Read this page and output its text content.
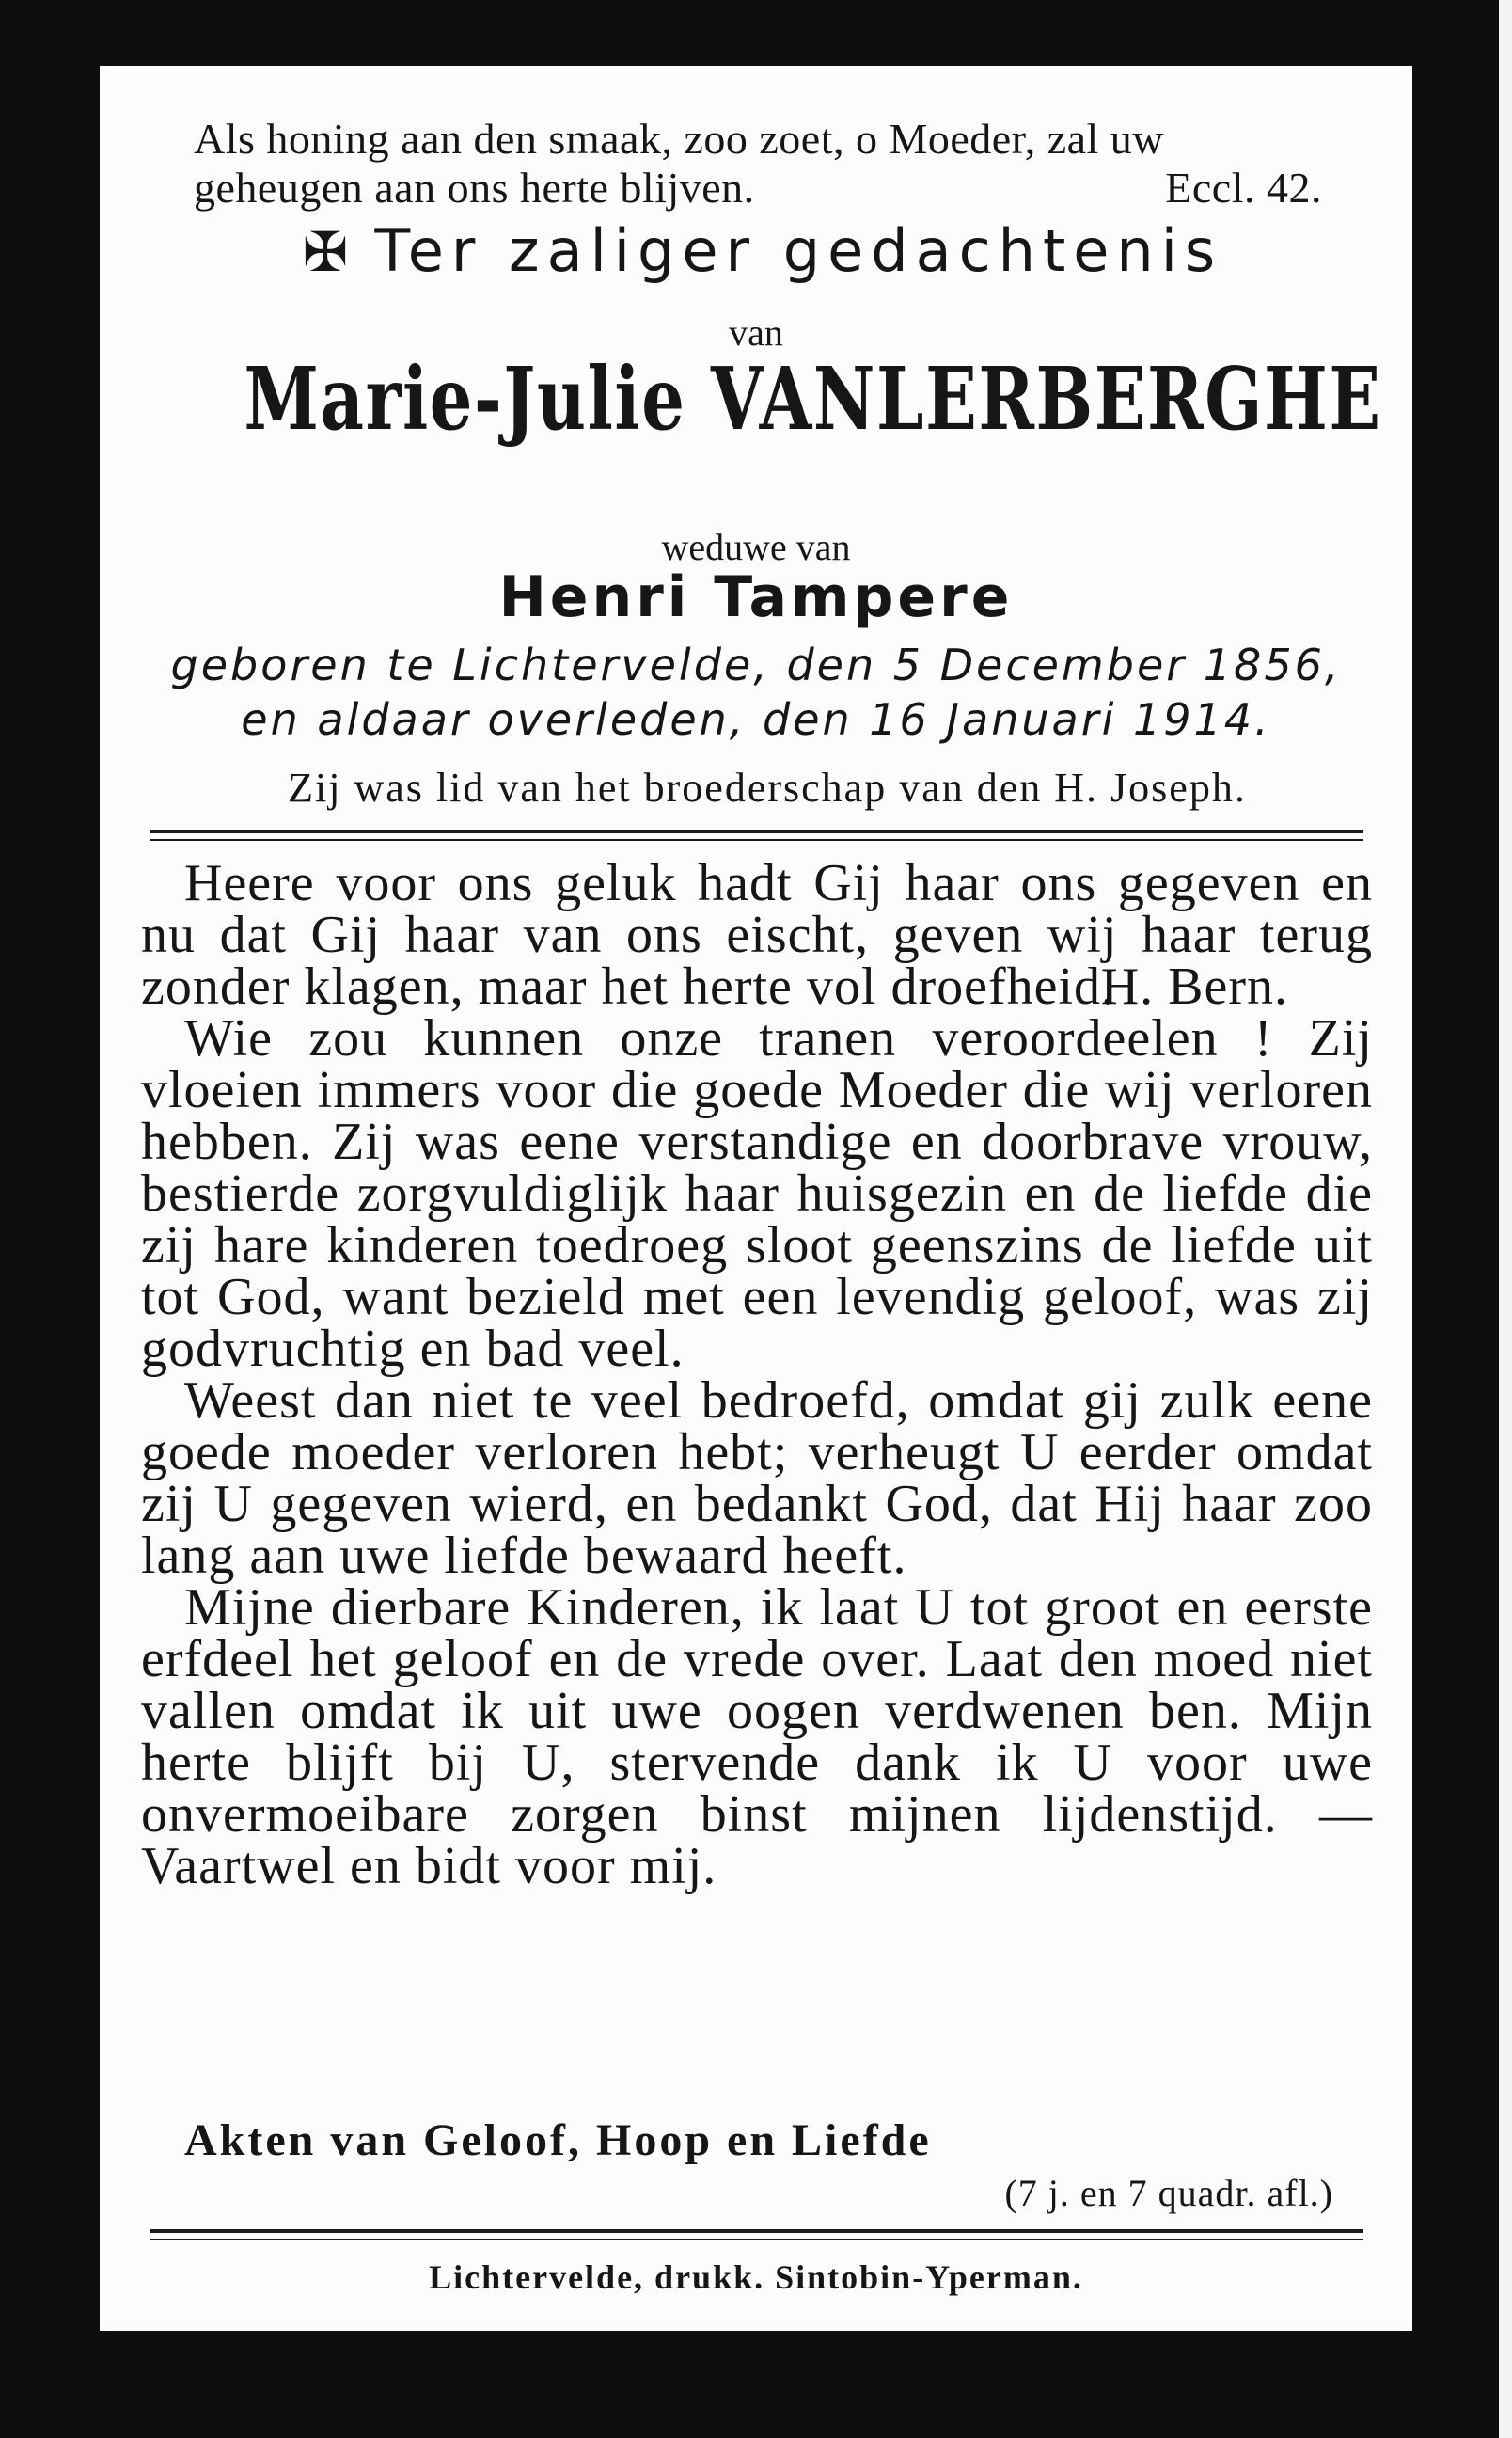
Als honing aan den smaak, zoo zoet, o Moeder, zal uw
geheugen aan ons herte blijven.	Eccl. 42.
✠ Ter zaliger gedachtenis
van
Marie-Julie VANLERBERGHE
weduwe van
Henri Tampere
geboren te Lichtervelde, den 5 December 1856,
en aldaar overleden, den 16 Januari 1914.
Zij was lid van het broederschap van den H. Joseph.

Heere voor ons geluk hadt Gij haar ons gegeven en nu dat Gij haar van ons eischt, geven wij haar terug zonder klagen, maar het herte vol droefheid.

H. Bern.

Wie zou kunnen onze tranen veroordeelen ! Zij vloeien immers voor die goede Moeder die wij verloren hebben. Zij was eene verstandige en doorbrave vrouw, bestierde zorgvuldiglijk haar huisgezin en de liefde die zij hare kinderen toedroeg sloot geenszins de liefde uit tot God, want bezield met een levendig geloof, was zij godvruchtig en bad veel.

Weest dan niet te veel bedroefd, omdat gij zulk eene goede moeder verloren hebt; verheugt U eerder omdat zij U gegeven wierd, en bedankt God, dat Hij haar zoo lang aan uwe liefde bewaard heeft.

Mijne dierbare Kinderen, ik laat U tot groot en eerste erfdeel het geloof en de vrede over. Laat den moed niet vallen omdat ik uit uwe oogen verdwenen ben. Mijn herte blijft bij U, stervende dank ik U voor uwe onvermoeibare zorgen binst mijnen lijdenstijd. — Vaartwel en bidt voor mij.

Akten van Geloof, Hoop en Liefde
(7 j. en 7 quadr. afl.)
Lichtervelde, drukk. Sintobin-Yperman.
